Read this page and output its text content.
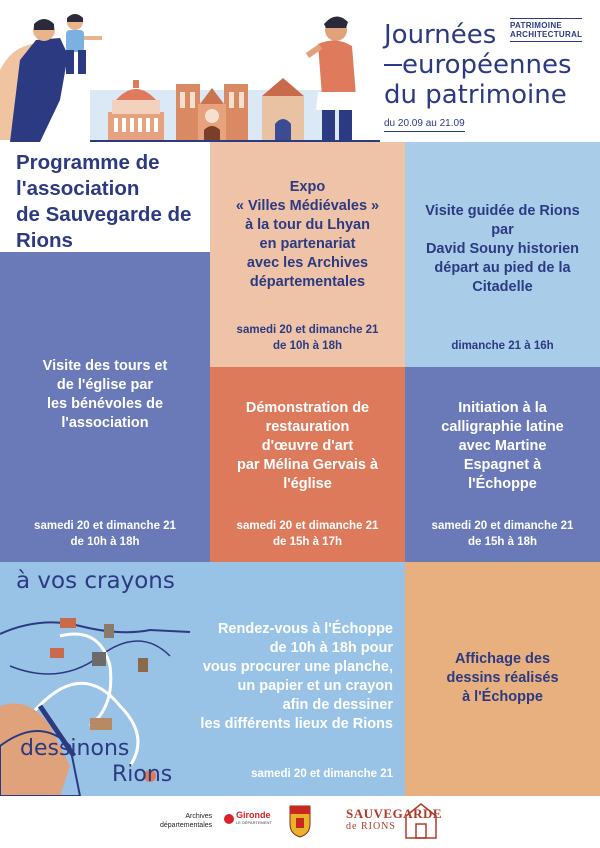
PATRIMOINE
ARCHITECTURAL
Journées
européennes
du patrimoine
du 20.09 au 21.09
Programme de
l'association
de Sauvegarde de
Rions
Expo
« Villes Médiévales »
à la tour du Lhyan
en partenariat
avec les Archives
départementales
samedi 20 et dimanche 21
de 10h à 18h
Visite guidée de Rions
par
David Souny historien
départ au pied de la
Citadelle
dimanche 21 à 16h
Visite des tours et
de l'église par
les bénévoles de
l'association
samedi 20 et dimanche 21
de 10h à 18h
Démonstration de
restauration
d'œuvre d'art
par Mélina Gervais à
l'église
samedi 20 et dimanche 21
de 15h à 17h
Initiation à la
calligraphie latine
avec Martine
Espagnet à
l'Échoppe
samedi 20 et dimanche 21
de 15h à 18h
à vos crayons
dessinons
Rions
Rendez-vous à l'Échoppe
de 10h à 18h pour
vous procurer une planche,
un papier et un crayon
afin de dessiner
les différents lieux de Rions
samedi 20 et dimanche 21
Affichage des
dessins réalisés
à l'Échoppe
Archives
départementales
Gironde
LE DÉPARTEMENT
SAUVEGARDE
de RIONS
